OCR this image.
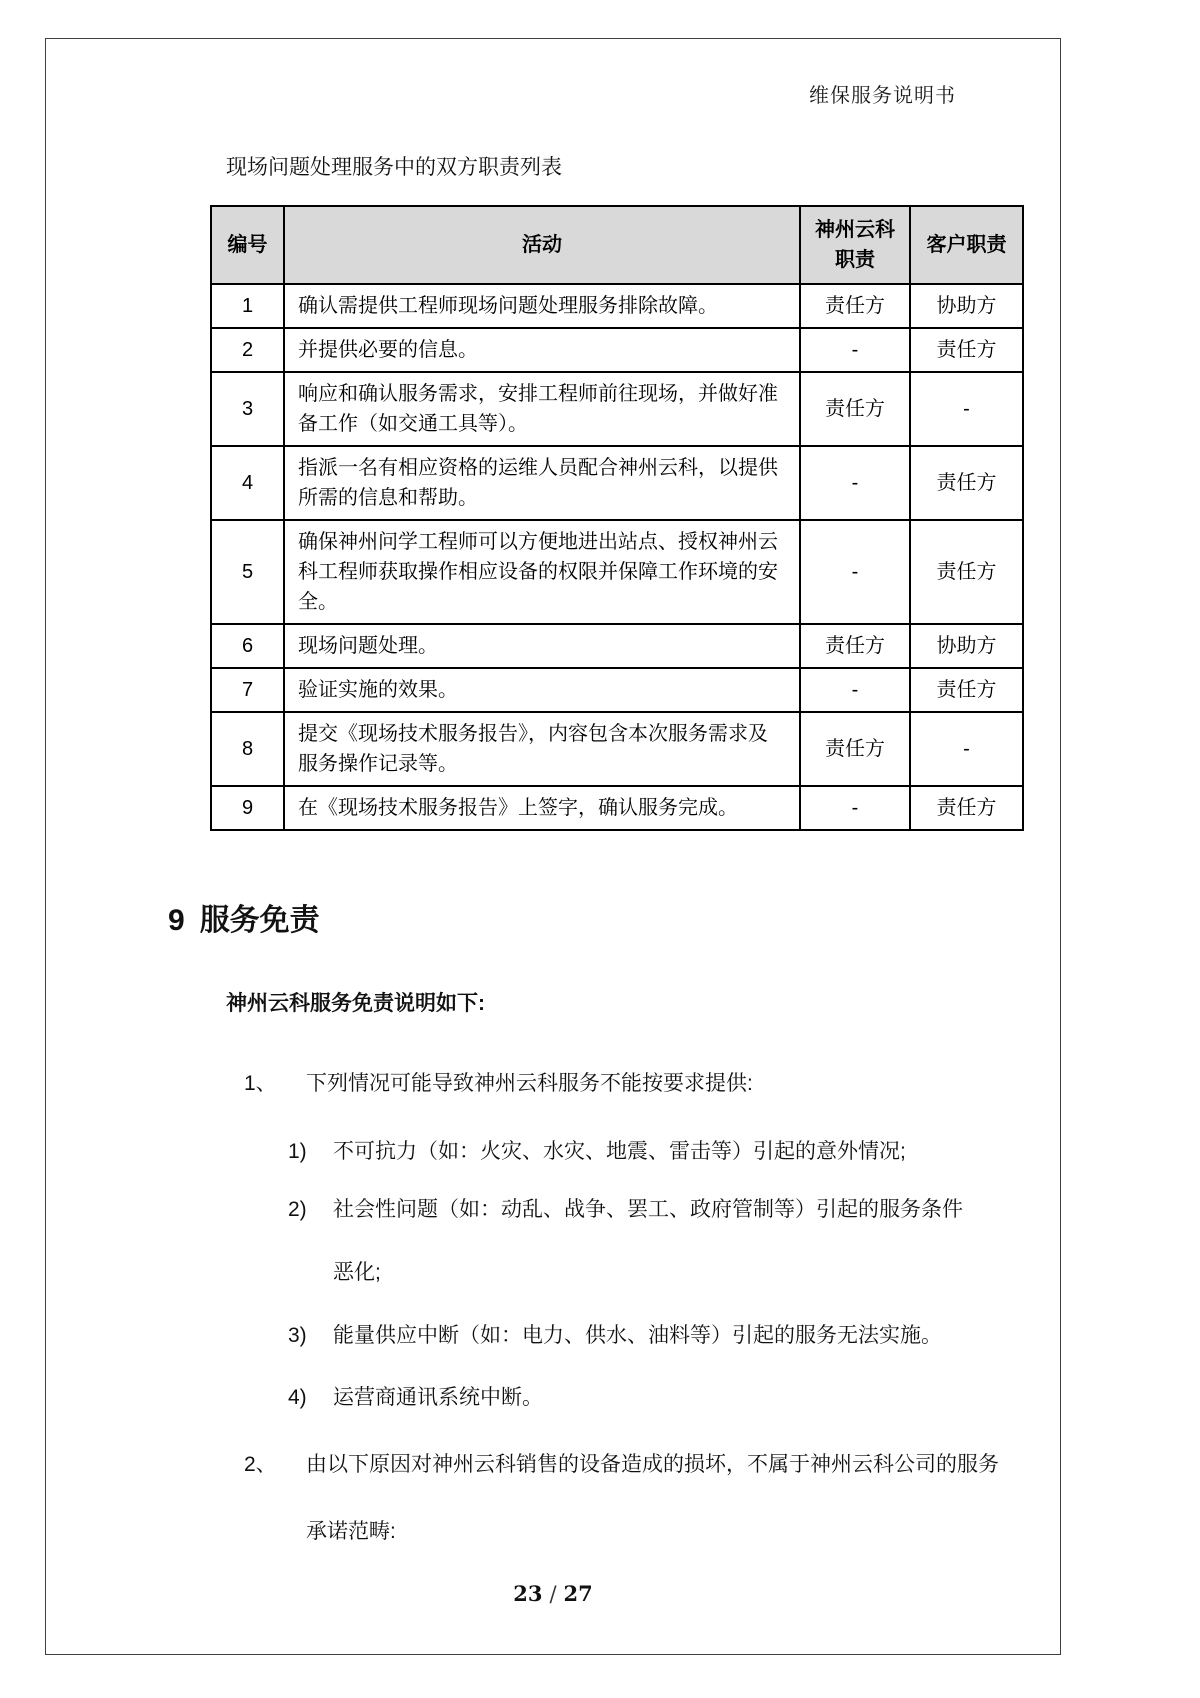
维保服务说明书
现场问题处理服务中的双方职责列表
编号	活动	神州云科职责	客户职责
1	确认需提供工程师现场问题处理服务排除故障。	责任方	协助方
2	并提供必要的信息。	-	责任方
3	响应和确认服务需求，安排工程师前往现场，并做好准备工作（如交通工具等）。	责任方	-
4	指派一名有相应资格的运维人员配合神州云科，以提供所需的信息和帮助。	-	责任方
5	确保神州问学工程师可以方便地进出站点、授权神州云科工程师获取操作相应设备的权限并保障工作环境的安全。	-	责任方
6	现场问题处理。	责任方	协助方
7	验证实施的效果。	-	责任方
8	提交《现场技术服务报告》，内容包含本次服务需求及服务操作记录等。	责任方	-
9	在《现场技术服务报告》上签字，确认服务完成。	-	责任方
9 服务免责
神州云科服务免责说明如下:
1、 下列情况可能导致神州云科服务不能按要求提供:
1) 不可抗力（如：火灾、水灾、地震、雷击等）引起的意外情况;
2) 社会性问题（如：动乱、战争、罢工、政府管制等）引起的服务条件
恶化;
3) 能量供应中断（如：电力、供水、油料等）引起的服务无法实施。
4) 运营商通讯系统中断。
2、 由以下原因对神州云科销售的设备造成的损坏，不属于神州云科公司的服务
承诺范畴:
23 / 27
